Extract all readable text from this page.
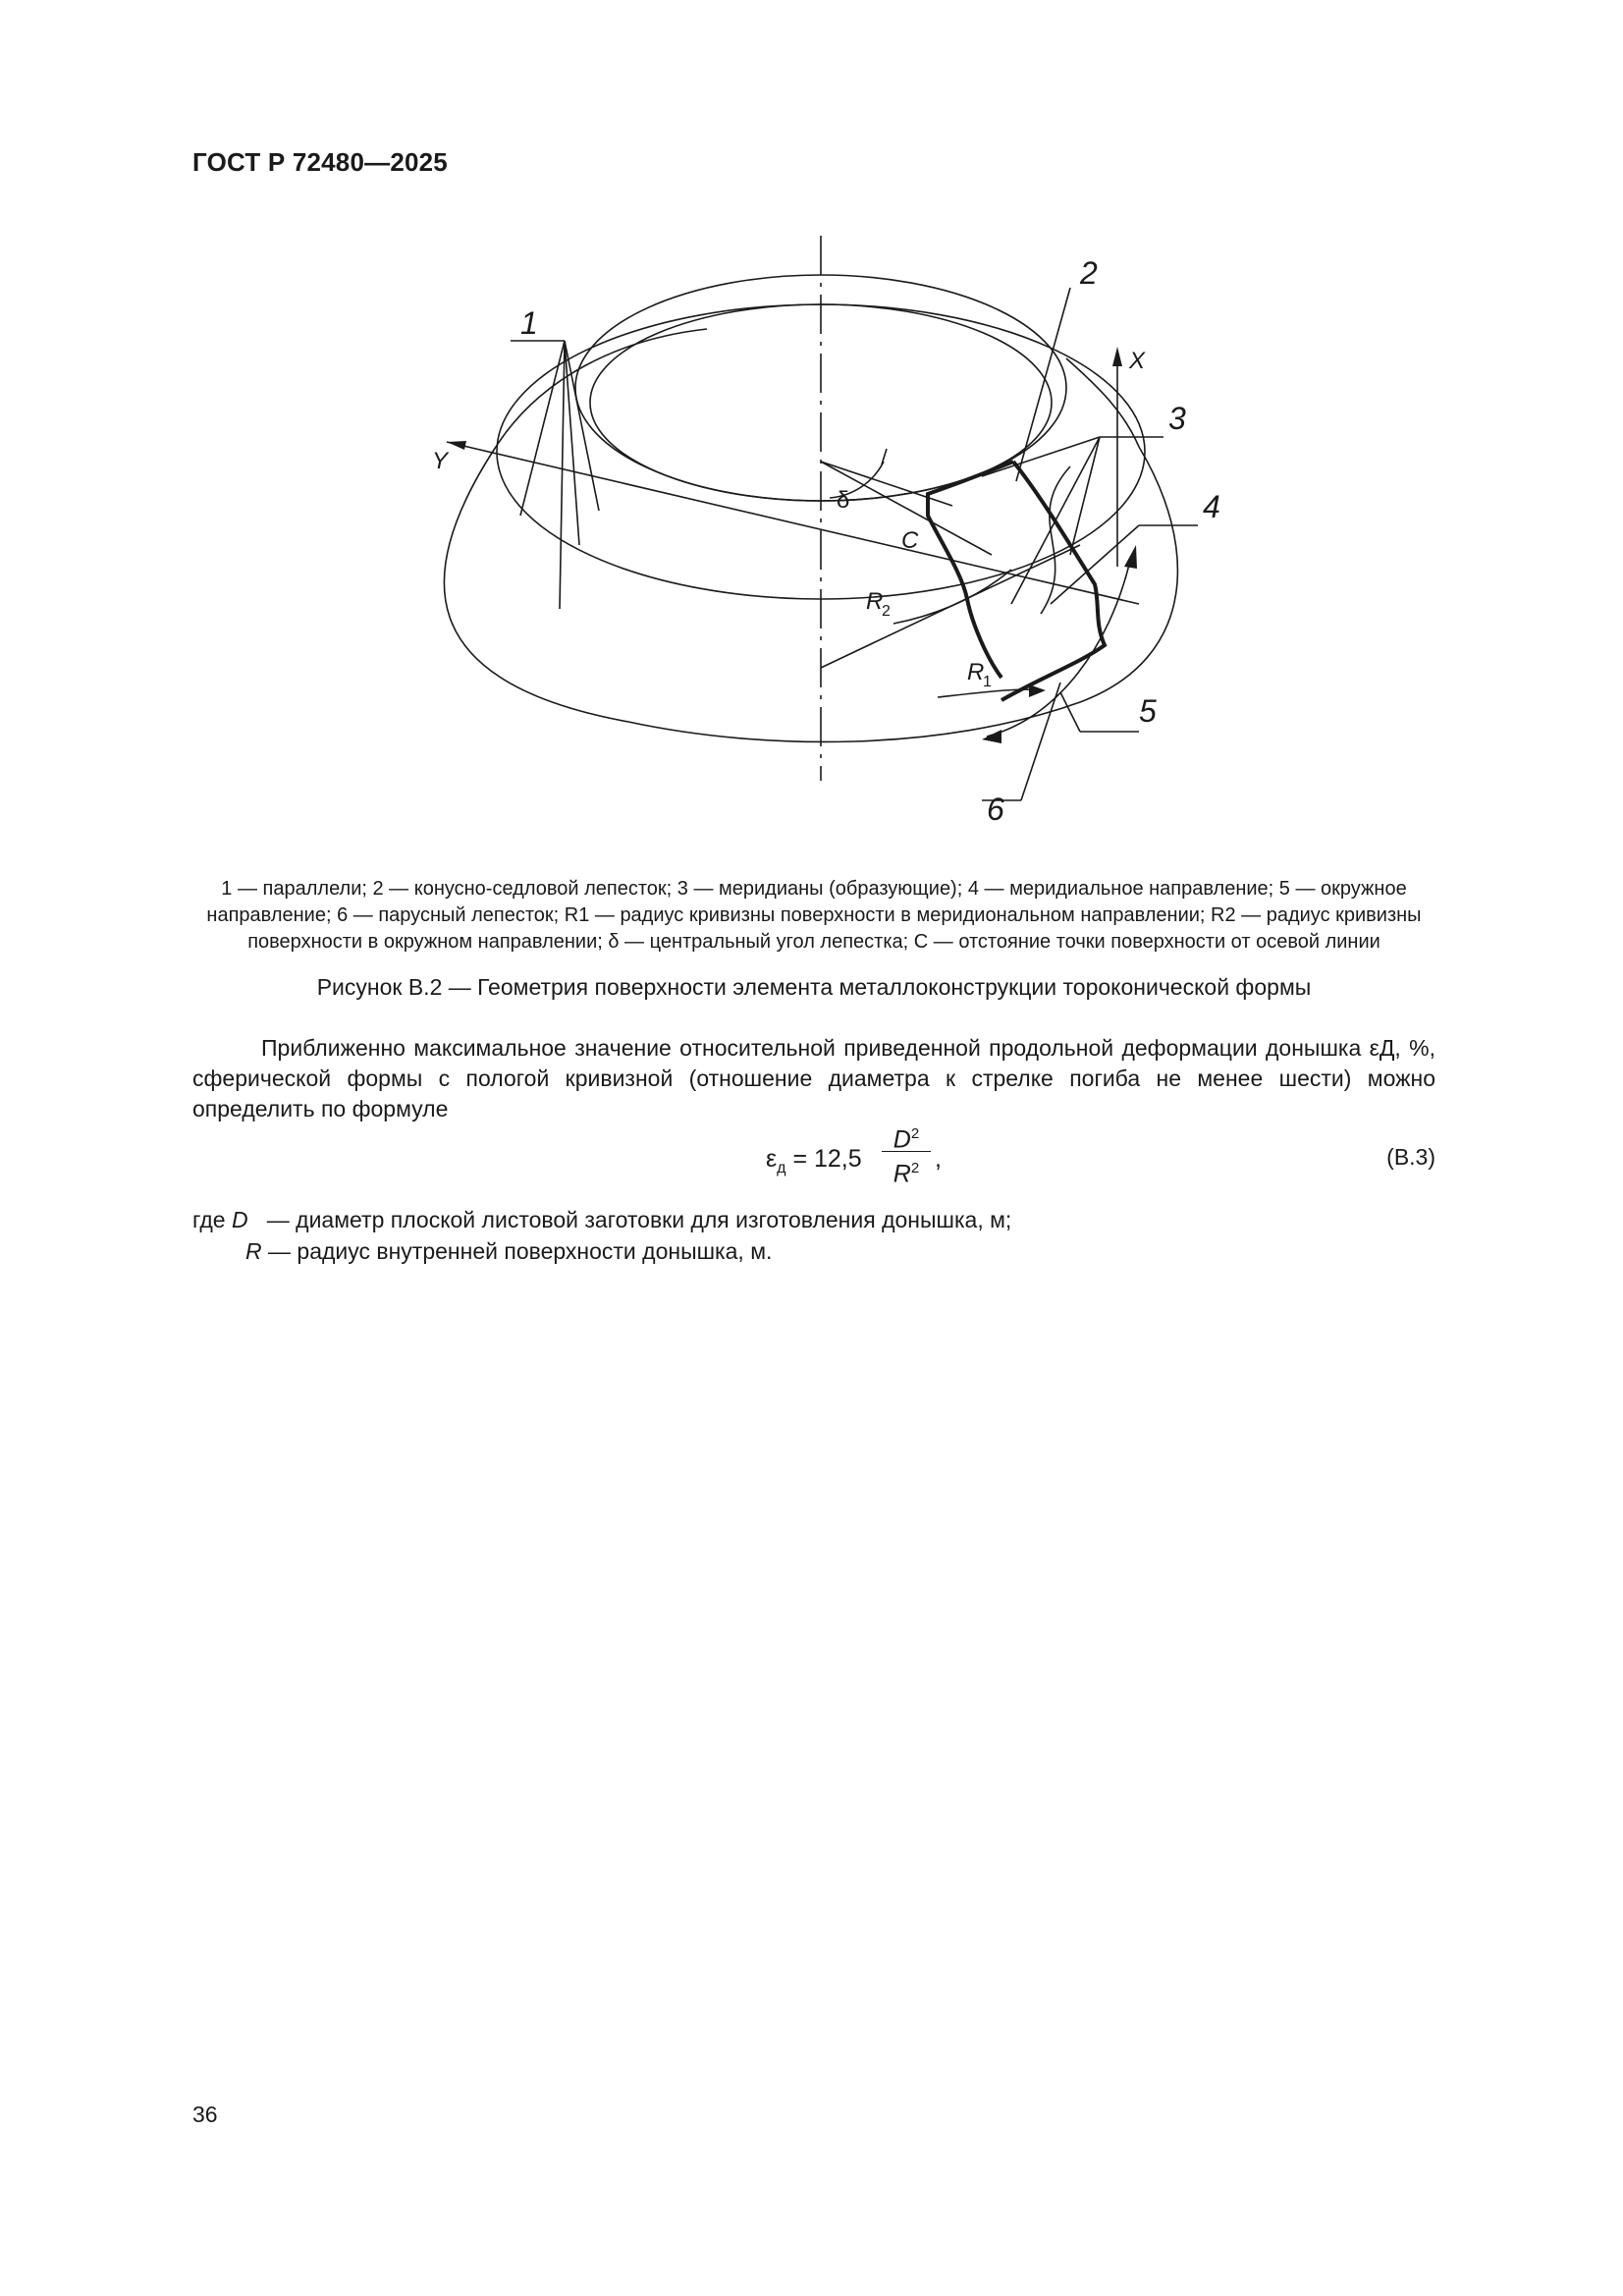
ГОСТ Р 72480—2025
1
2
3
4
5
6
X
Y
δ
C
R
2
R
1
1 — параллели; 2 — конусно-седловой лепесток; 3 — меридианы (образующие); 4 — меридиальное направление; 5 — окружное
направление; 6 — парусный лепесток; R1 — радиус кривизны поверхности в меридиональном направлении; R2 — радиус кривизны
поверхности в окружном направлении; δ — центральный угол лепестка; C — отстояние точки поверхности от осевой линии
Рисунок В.2 — Геометрия поверхности элемента металлоконструкции тороконической формы
Приближенно максимальное значение относительной приведенной продольной деформации донышка εД, %, сферической формы с пологой кривизной (отношение диаметра к стрелке погиба не менее шести) можно определить по формуле
$\varepsilon_д = 12,5 \frac{D^2}{R^2}$ ,	(В.3)
где D — диаметр плоской листовой заготовки для изготовления донышка, м;
R — радиус внутренней поверхности донышка, м.
36
